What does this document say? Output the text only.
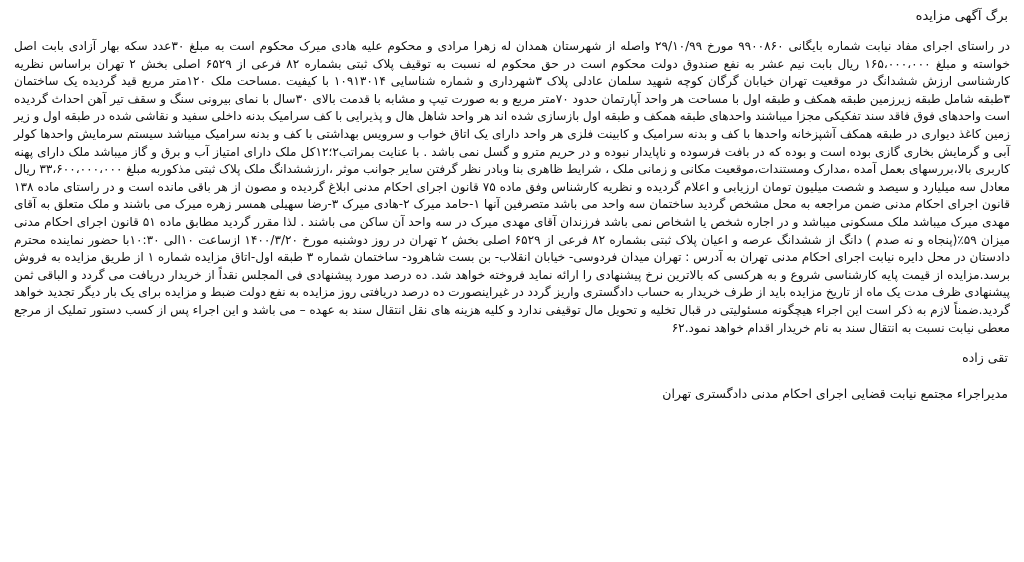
برگ آگهی مزایده
در راستای اجرای مفاد نیابت شماره بایگانی ۹۹۰۰۸۶۰ مورخ ۲۹/۱۰/۹۹ واصله از شهرستان همدان له زهرا مرادی و محکوم علیه هادی میرک محکوم است به مبلغ ۳۰عدد سکه بهار آزادی بابت اصل خواسته و مبلغ ۱۶۵،۰۰۰،۰۰۰ ریال بابت نیم عشر به نفع صندوق دولت محکوم است در حق محکوم له نسبت به توقیف پلاک ثبتی بشماره ۸۲ فرعی از ۶۵۲۹ اصلی بخش ۲ تهران براساس نظریه کارشناسی ارزش ششدانگ در موقعیت تهران خیابان گرگان کوچه شهید سلمان عادلی پلاک ۳شهرداری و شماره شناسایی ۱۰۹۱۳۰۱۴ با کیفیت .مساحت ملک ۱۲۰متر مربع قید گردیده یک ساختمان ۳طبقه شامل طبقه زیرزمین طبقه همکف و طبقه اول با مساحت هر واحد آپارتمان حدود ۷۰متر مربع و به صورت تیپ و مشابه با قدمت بالای ۳۰سال با نمای بیرونی سنگ و سقف تیر آهن احداث گردیده است واحدهای فوق فاقد سند تفکیکی مجزا میباشند واحدهای طبقه همکف و طبقه اول بازسازی شده اند هر واحد شاهل هال و پذیرایی با کف سرامیک بدنه داخلی سفید و نقاشی شده در طبقه اول و زیر زمین کاغذ دیواری در طبقه همکف آشپزخانه واحدها با کف و بدنه سرامیک و کابینت فلزی هر واحد دارای یک اتاق خواب و سرویس بهداشتی با کف و بدنه سرامیک میباشد سیستم سرمایش واحدها کولر آبی و گرمایش بخاری گازی بوده است و بوده که در بافت فرسوده و ناپایدار نبوده و در حریم مترو و گسل نمی باشد . با عنایت بمراتب۲؛۱۲کل ملک دارای امتیاز آب و برق و گاز میباشد ملک دارای پهنه کاربری بالا،بررسهای بعمل آمده ،مدارک ومستندات،موقعیت مکانی و زمانی ملک ، شرایط ظاهری بنا وبادر نظر گرفتن سایر جوانب موثر ،ارزششدانگ ملک پلاک ثبتی مذکوربه مبلغ ۳۳،۶۰۰،۰۰۰،۰۰۰ ریال معادل سه میلیارد و سیصد و شصت میلیون تومان ارزیابی و اعلام گردیده و نظریه کارشناس وفق ماده ۷۵ قانون اجرای احکام مدنی ابلاغ گردیده و مصون از هر باقی مانده است و در راستای ماده ۱۳۸ قانون اجرای احکام مدنی ضمن مراجعه به محل مشخص گردید ساختمان سه واحد می باشد متصرفین آنها ۱-حامد میرک ۲-هادی میرک ۳-رضا سهیلی همسر زهره میرک می باشند و ملک متعلق به آقای مهدی میرک میباشد ملک مسکونی میباشد و در اجاره شخص یا اشخاص نمی باشد فرزندان آقای مهدی میرک در سه واحد آن ساکن می باشند . لذا مقرر گردید مطابق ماده ۵۱ قانون اجرای احکام مدنی میزان ۵۹٪(پنجاه و نه صدم ) دانگ از ششدانگ عرصه و اعیان پلاک ثبتی بشماره ۸۲ فرعی از ۶۵۲۹ اصلی بخش ۲ تهران در روز دوشنبه مورخ ۱۴۰۰/۳/۲۰ ازساعت ۱۰الی ۱۰:۳۰با حضور نماینده محترم دادستان در محل دایره نیابت اجرای احکام مدنی تهران به آدرس : تهران میدان فردوسی- خیابان انقلاب- بن بست شاهرود- ساختمان شماره ۳ طبقه اول-اتاق مزایده شماره ۱ از طریق مزایده به فروش برسد.مزایده از قیمت پایه کارشناسی شروع و به هرکسی که بالاترین نرخ پیشنهادی را ارائه نماید فروخته خواهد شد. ده درصد مورد پیشنهادی فی المجلس نقداً از خریدار دریافت می گردد و الباقی ثمن پیشنهادی ظرف مدت یک ماه از تاریخ مزایده باید از طرف خریدار به حساب دادگستری واریز گردد در غیراینصورت ده درصد دریافتی روز مزایده به نفع دولت ضبط و مزایده برای یک بار دیگر تجدید خواهد گردید.ضمناً لازم به ذکر است این اجراء هیچگونه مسئولیتی در قبال تخلیه و تحویل مال توقیفی ندارد و کلیه هزینه های نقل انتقال سند به عهده – می باشد و این اجراء پس از کسب دستور تملیک از مرجع معطی نیابت نسبت به انتقال سند به نام خریدار اقدام خواهد نمود.۶۲
تقی زاده
مدیراجراء مجتمع نیابت قضایی اجرای احکام مدنی دادگستری تهران
